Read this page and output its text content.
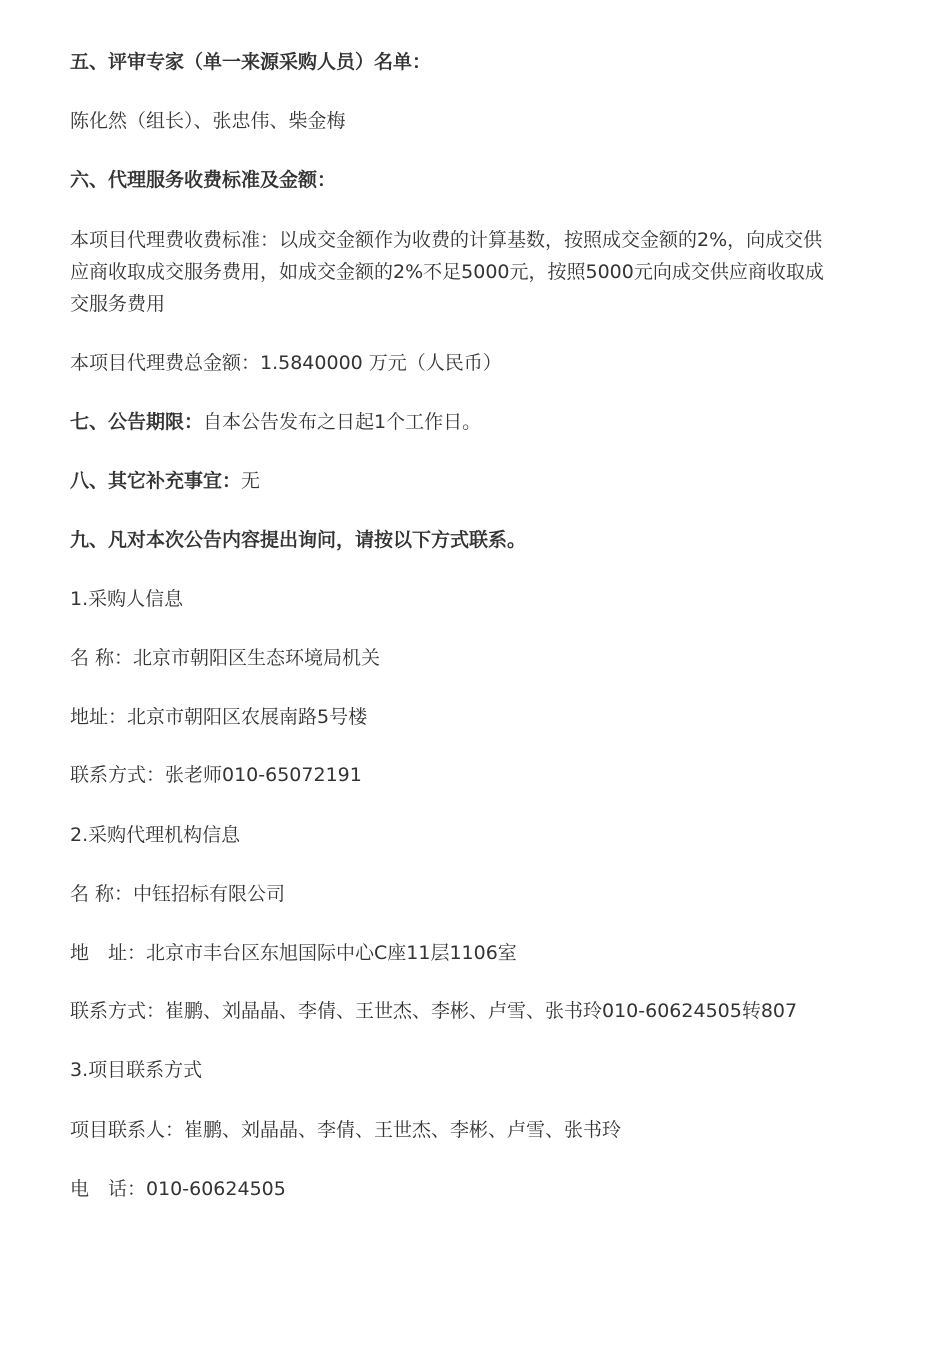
五、评审专家（单一来源采购人员）名单：
陈化然（组长）、张忠伟、柴金梅
六、代理服务收费标准及金额：
本项目代理费收费标准：以成交金额作为收费的计算基数，按照成交金额的2%，向成交供
应商收取成交服务费用，如成交金额的2%不足5000元，按照5000元向成交供应商收取成
交服务费用
本项目代理费总金额：1.5840000 万元（人民币）
七、公告期限：自本公告发布之日起1个工作日。
八、其它补充事宜：无
九、凡对本次公告内容提出询问，请按以下方式联系。
1.采购人信息
名 称：北京市朝阳区生态环境局机关
地址：北京市朝阳区农展南路5号楼
联系方式：张老师010-65072191
2.采购代理机构信息
名 称：中钰招标有限公司
地　址：北京市丰台区东旭国际中心C座11层1106室
联系方式：崔鹏、刘晶晶、李倩、王世杰、李彬、卢雪、张书玲010-60624505转807
3.项目联系方式
项目联系人：崔鹏、刘晶晶、李倩、王世杰、李彬、卢雪、张书玲
电　话：010-60624505
